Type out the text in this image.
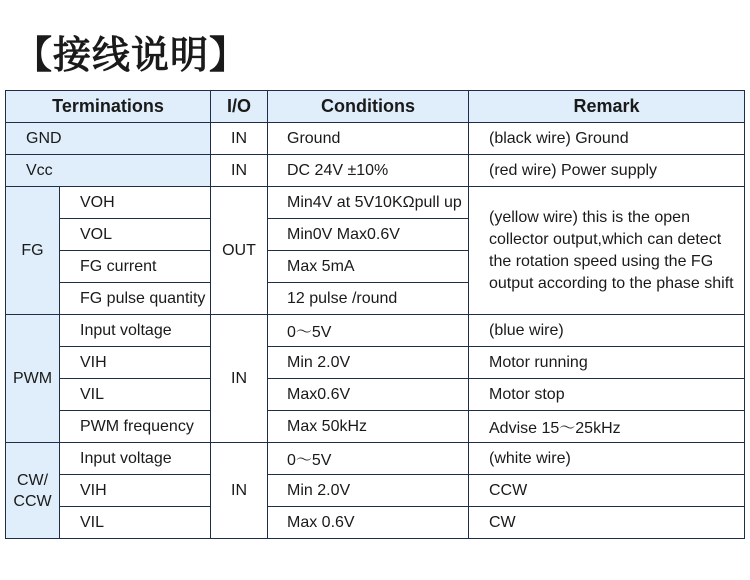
【接线说明】
Terminations		I/O	Conditions	Remark
GND		IN	Ground	(black wire) Ground
Vcc		IN	DC 24V ±10%	(red wire) Power supply
FG	VOH	OUT	Min4V at 5V10KΩpull up	(yellow wire) this is the open collector output,which can detect the rotation speed using the FG output according to the phase shift
	VOL		Min0V Max0.6V	
	FG current		Max 5mA	
	FG pulse quantity		12 pulse /round	
PWM	Input voltage	IN	0～5V	(blue wire)
	VIH		Min 2.0V	Motor running
	VIL		Max0.6V	Motor stop
	PWM frequency		Max 50kHz	Advise 15～25kHz
CW/
CCW	Input voltage	IN	0～5V	(white wire)
	VIH		Min 2.0V	CCW
	VIL		Max 0.6V	CW
